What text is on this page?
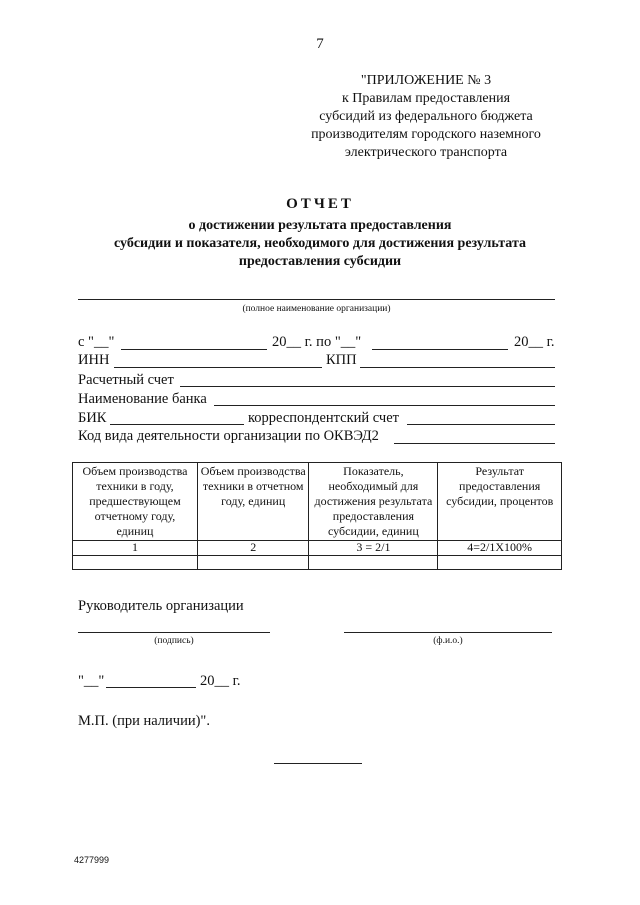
7
"ПРИЛОЖЕНИЕ № 3
к Правилам предоставления
субсидий из федерального бюджета
производителям городского наземного
электрического транспорта
ОТЧЕТ
о достижении результата предоставления
субсидии и показателя, необходимого для достижения результата
предоставления субсидии
(полное наименование организации)
с "__"	20__ г. по "__"	20__ г.
ИНН	КПП
Расчетный счет
Наименование банка
БИК	корреспондентский счет
Код вида деятельности организации по ОКВЭД2
Объем производства техники в году, предшествующем отчетному году, единиц	Объем производства техники в отчетном году, единиц	Показатель, необходимый для достижения результата предоставления субсидии, единиц	Результат предоставления субсидии, процентов
1	2	3 = 2/1	4=2/1X100%

Руководитель организации
(подпись)	(ф.и.о.)
"__"	20__ г.
М.П. (при наличии)".
4277999
